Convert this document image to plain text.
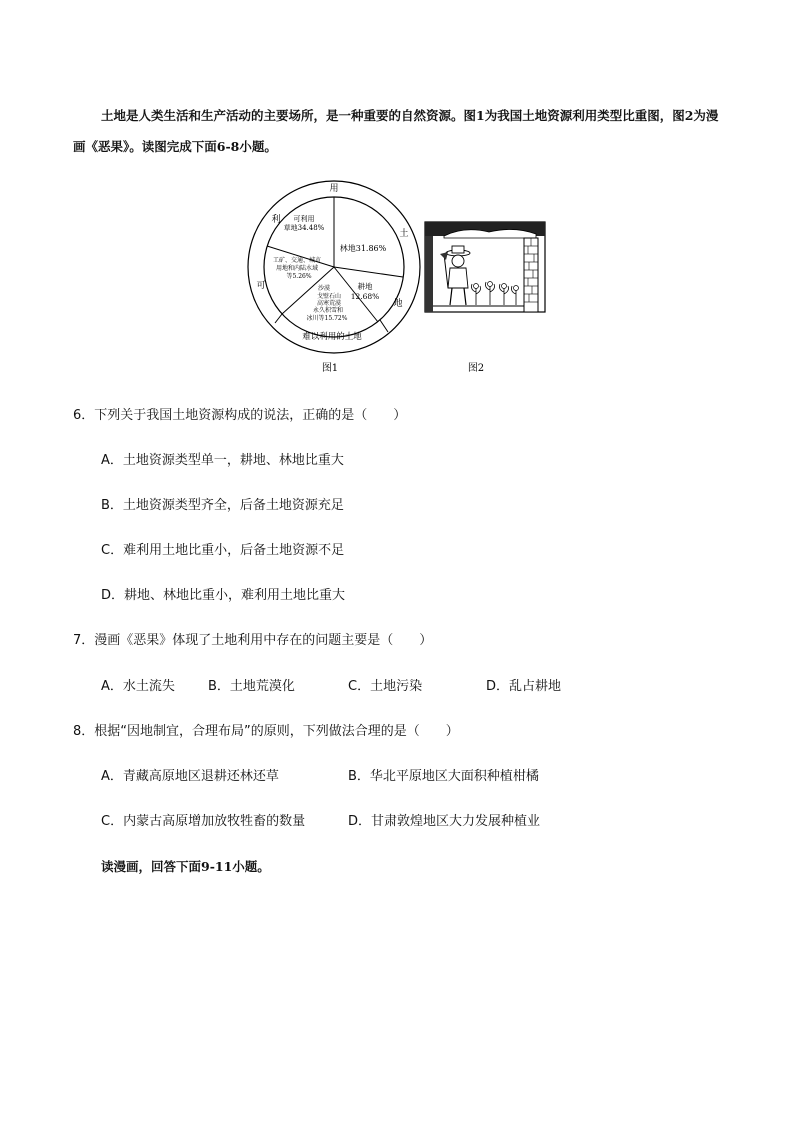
土地是人类生活和生产活动的主要场所，是一种重要的自然资源。图1为我国土地资源利用类型比重图，图2为漫画《恶果》。读图完成下面6-8小题。
用
土
地
可
利
难以利用的土地
林地31.86%
耕地
12.68%
可利用
草地34.48%
工矿、交通、城市
用地和内陆水域
等5.26%
沙漠
戈壁石山
高寒荒漠
永久积雪和
冰川等15.72%
图1	图2
6．下列关于我国土地资源构成的说法，正确的是（　　）
A．土地资源类型单一，耕地、林地比重大
B．土地资源类型齐全，后备土地资源充足
C．难利用土地比重小，后备土地资源不足
D．耕地、林地比重小，难利用土地比重大
7．漫画《恶果》体现了土地利用中存在的问题主要是（　　）
A．水土流失	B．土地荒漠化	C．土地污染	D．乱占耕地
8．根据“因地制宜，合理布局”的原则，下列做法合理的是（　　）
A．青藏高原地区退耕还林还草	B．华北平原地区大面积种植柑橘
C．内蒙古高原增加放牧牲畜的数量	D．甘肃敦煌地区大力发展种植业
读漫画，回答下面9-11小题。
